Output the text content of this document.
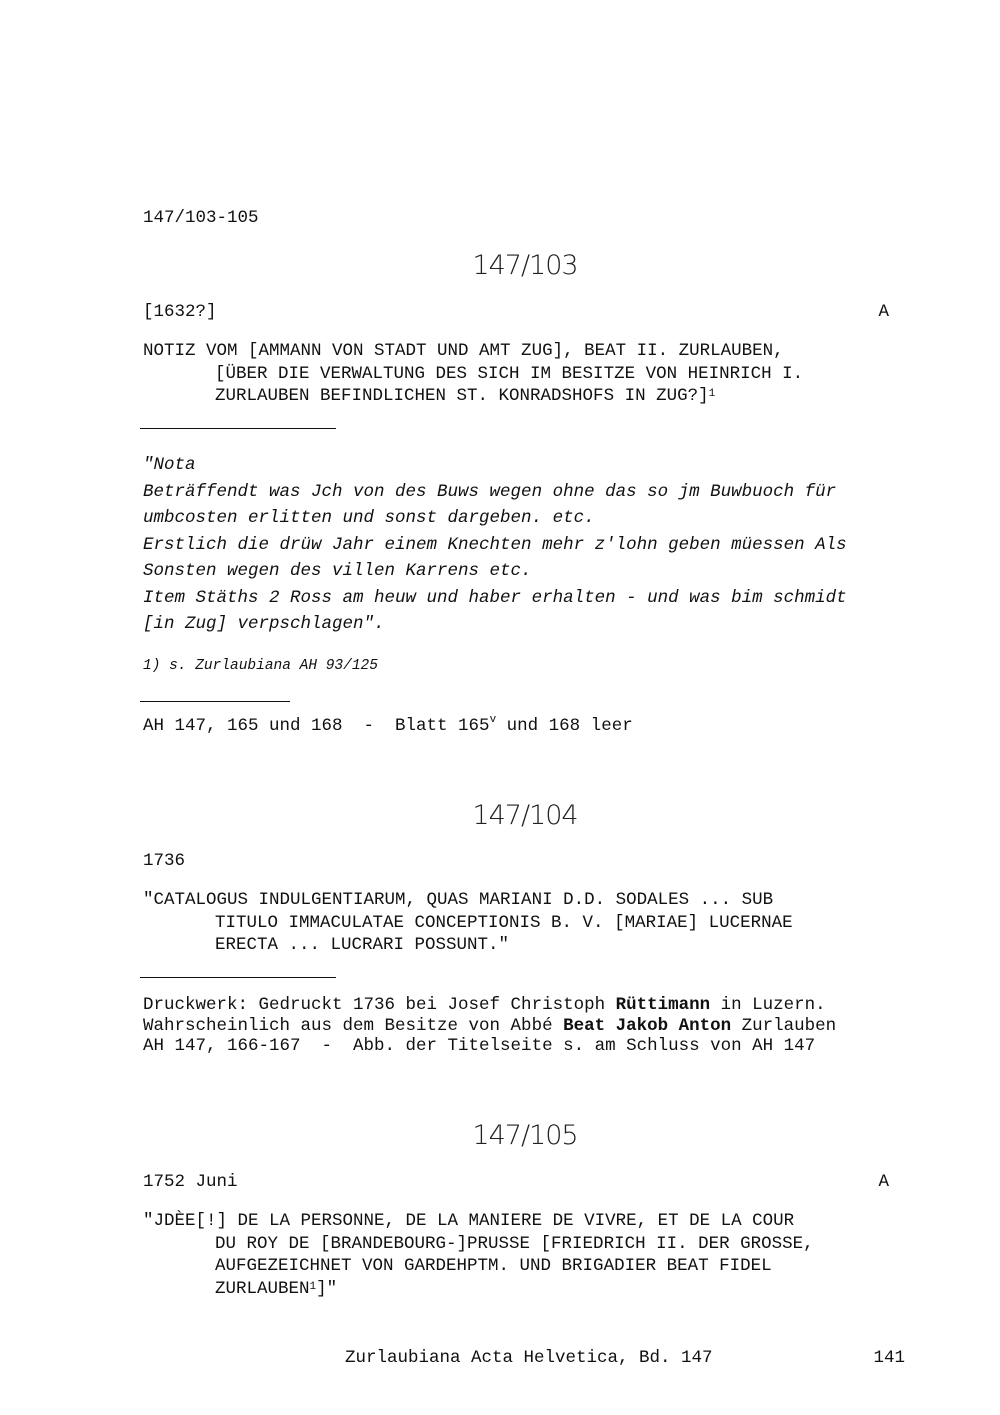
147/103-105
147/103
[1632?]	A
NOTIZ VOM [AMMANN VON STADT UND AMT ZUG], BEAT II. ZURLAUBEN,
[ÜBER DIE VERWALTUNG DES SICH IM BESITZE VON HEINRICH I.
ZURLAUBEN BEFINDLICHEN ST. KONRADSHOFS IN ZUG?]$^1$
"Nota
Beträffendt was Jch von des Buws wegen ohne das so jm Buwbuoch für
umbcosten erlitten und sonst dargeben. etc.
Erstlich die drüw Jahr einem Knechten mehr z'lohn geben müessen Als
Sonsten wegen des villen Karrens etc.
Item Stäths 2 Ross am heuw und haber erhalten - und was bim schmidt
[in Zug] verpschlagen".
1) s. Zurlaubiana AH 93/125
AH 147, 165 und 168  -  Blatt 165$^v$ und 168 leer
147/104
1736
"CATALOGUS INDULGENTIARUM, QUAS MARIANI D.D. SODALES ... SUB
TITULO IMMACULATAE CONCEPTIONIS B. V. [MARIAE] LUCERNAE
ERECTA ... LUCRARI POSSUNT."
Druckwerk: Gedruckt 1736 bei Josef Christoph Rüttimann in Luzern.
Wahrscheinlich aus dem Besitze von Abbé Beat Jakob Anton Zurlauben
AH 147, 166-167  -  Abb. der Titelseite s. am Schluss von AH 147
147/105
1752 Juni	A
"JDÈE[!] DE LA PERSONNE, DE LA MANIERE DE VIVRE, ET DE LA COUR
DU ROY DE [BRANDEBOURG-]PRUSSE [FRIEDRICH II. DER GROSSE,
AUFGEZEICHNET VON GARDEHPTM. UND BRIGADIER BEAT FIDEL
ZURLAUBEN$^1$]"
Zurlaubiana Acta Helvetica, Bd. 147	141
